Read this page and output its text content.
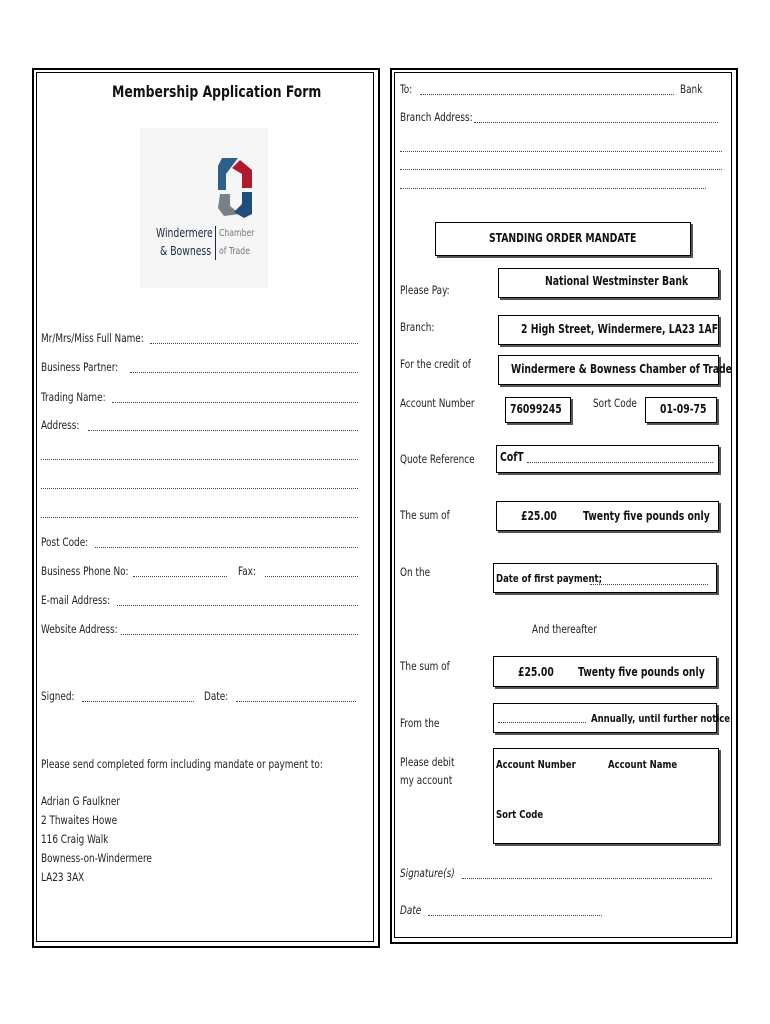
Membership Application Form
Windermere
& Bowness
Chamber
of Trade
Mr/Mrs/Miss Full Name:
Business Partner:
Trading Name:
Address:
Post Code:
Business Phone No:	Fax:
E-mail Address:
Website Address:
Signed:	Date:
Please send completed form including mandate or payment to:
Adrian G Faulkner
2 Thwaites Howe
116 Craig Walk
Bowness-on-Windermere
LA23 3AX
To:	Bank
Branch Address:
STANDING ORDER MANDATE
Please Pay:
National Westminster Bank
Branch:	2 High Street, Windermere, LA23 1AF
For the credit of	Windermere & Bowness Chamber of Trade
Account Number	76099245	Sort Code 01-09-75
Quote Reference CofT
The sum of	£25.00 Twenty five pounds only
On the	Date of first payment;
And thereafter
The sum of	£25.00 Twenty five pounds only
From the	Annually, until further notice
Please debit my account
Account Number	Account Name
Sort Code
Signature(s)
Date
